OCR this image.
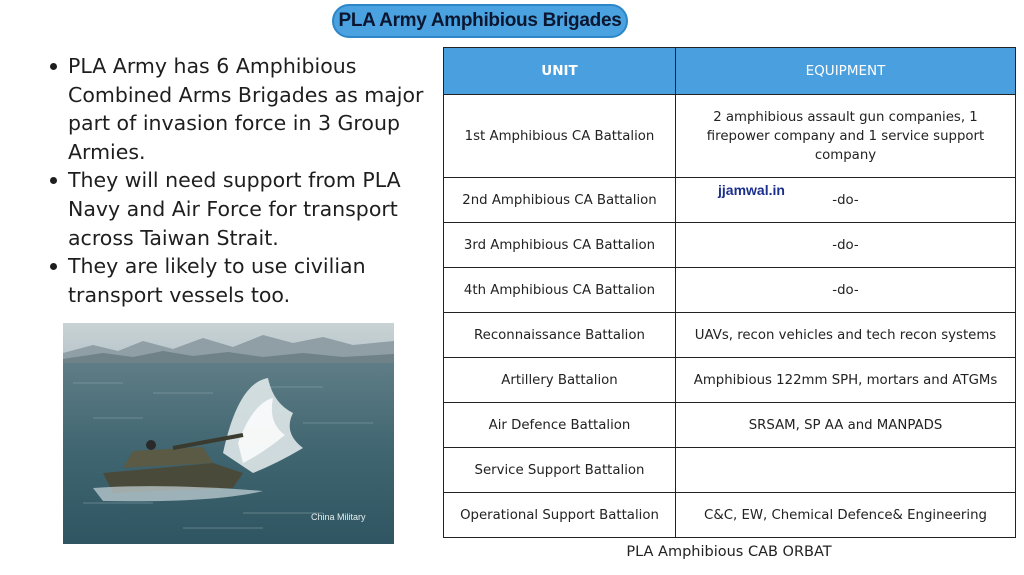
PLA Army Amphibious Brigades
PLA Army has 6 Amphibious Combined Arms Brigades as major part of invasion force in 3 Group Armies.
They will need support from PLA Navy and Air Force for transport across Taiwan Strait.
They are likely to use civilian transport vessels too.
China Military
UNIT	EQUIPMENT
1st Amphibious CA Battalion	2 amphibious assault gun companies, 1 firepower company and 1 service support company
2nd Amphibious CA Battalion	-do-
3rd Amphibious CA Battalion	-do-
4th Amphibious CA Battalion	-do-
Reconnaissance Battalion	UAVs, recon vehicles and tech recon systems
Artillery Battalion	Amphibious 122mm SPH, mortars and ATGMs
Air Defence Battalion	SRSAM, SP AA and MANPADS
Service Support Battalion	
Operational Support Battalion	C&C, EW, Chemical Defence& Engineering
jjamwal.in
PLA Amphibious CAB ORBAT
